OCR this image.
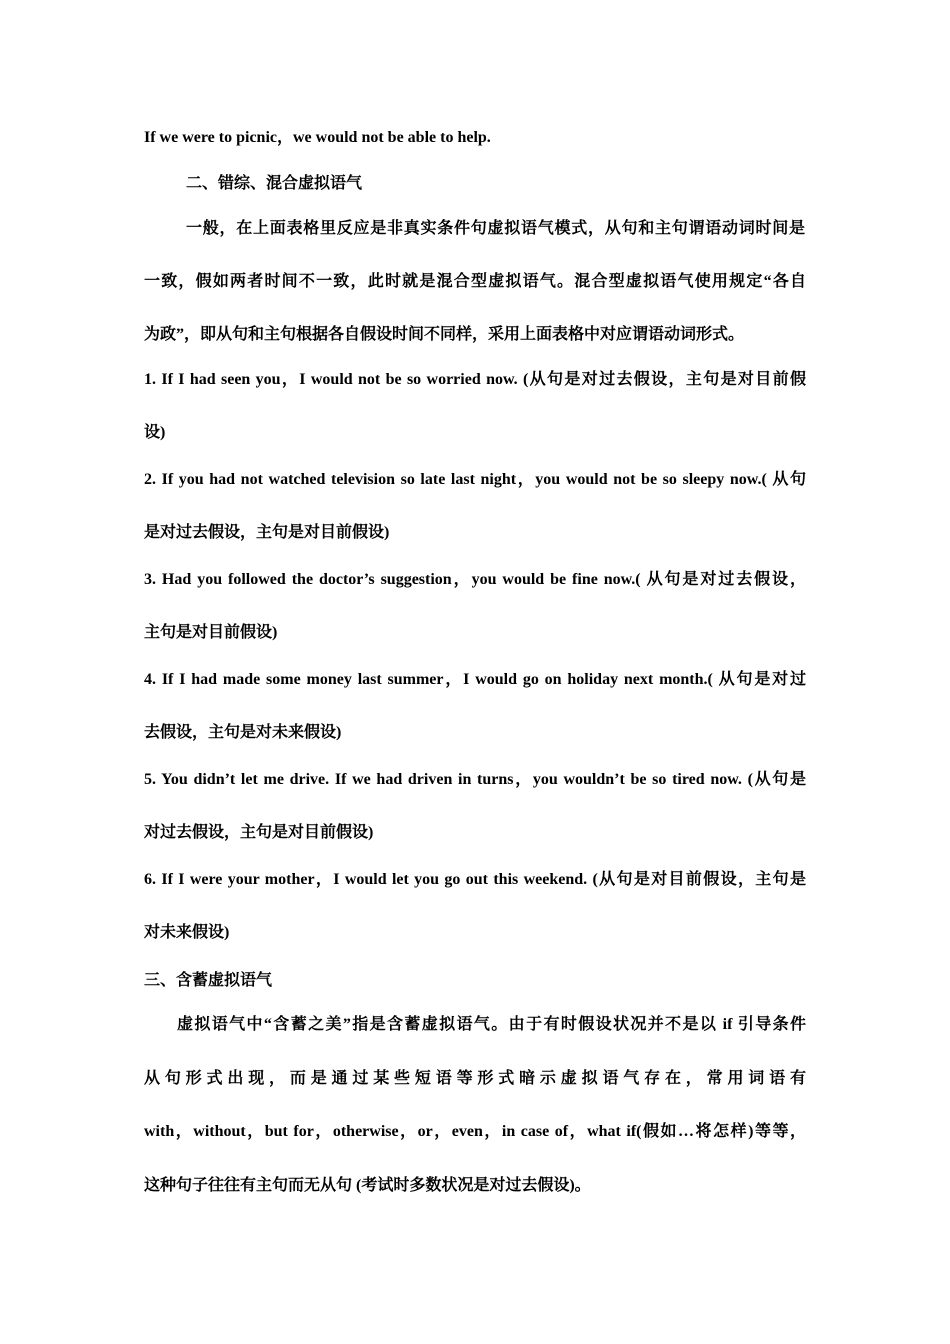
If we were to picnic，we would not be able to help.
二、错综、混合虚拟语气
一般，在上面表格里反应是非真实条件句虚拟语气模式，从句和主句谓语动词时间是
一致，假如两者时间不一致，此时就是混合型虚拟语气。混合型虚拟语气使用规定“各自
为政”，即从句和主句根据各自假设时间不同样，采用上面表格中对应谓语动词形式。
1. If I had seen you，I would not be so worried now. (从句是对过去假设，主句是对目前假
设)
2. If you had not watched television so late last night，you would not be so sleepy now.( 从句
是对过去假设，主句是对目前假设)
3. Had you followed the doctor’s suggestion，you would be fine now.( 从句是对过去假设，
主句是对目前假设)
4. If I had made some money last summer，I would go on holiday next month.( 从句是对过
去假设，主句是对未来假设)
5. You didn’t let me drive. If we had driven in turns，you wouldn’t be so tired now. (从句是
对过去假设，主句是对目前假设)
6. If I were your mother，I would let you go out this weekend. (从句是对目前假设，主句是
对未来假设)
三、含蓄虚拟语气
虚拟语气中“含蓄之美”指是含蓄虚拟语气。由于有时假设状况并不是以 if 引导条件
从句形式出现，而是通过某些短语等形式暗示虚拟语气存在，常用词语有
with，without，but for，otherwise，or，even，in case of，what if(假如…将怎样)等等，
这种句子往往有主句而无从句 (考试时多数状况是对过去假设)。
